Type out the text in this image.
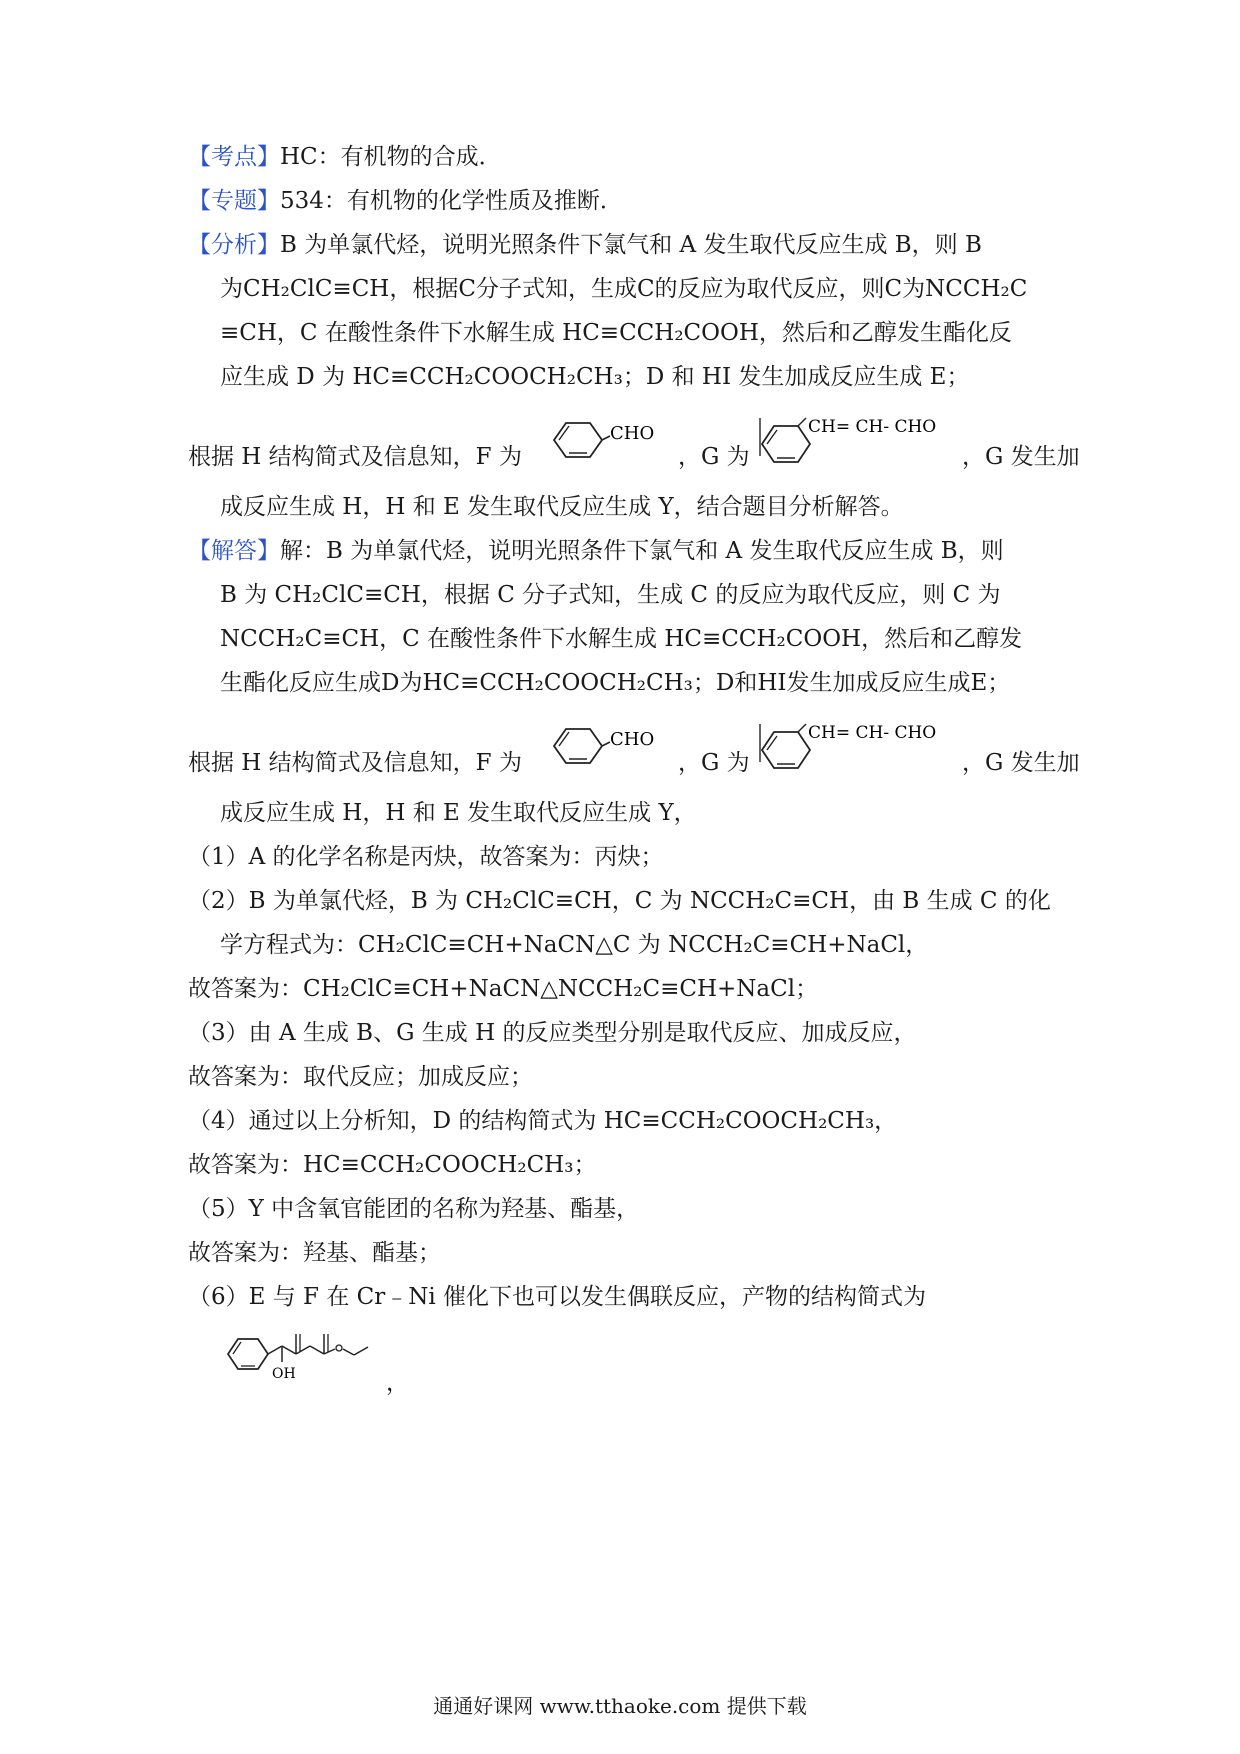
【考点】HC：有机物的合成．
【专题】534：有机物的化学性质及推断．
【分析】B 为单氯代烃，说明光照条件下氯气和 A 发生取代反应生成 B，则 B
为CH₂ClC≡CH，根据C分子式知，生成C的反应为取代反应，则C为NCCH₂C
≡CH，C 在酸性条件下水解生成 HC≡CCH₂COOH，然后和乙醇发生酯化反
应生成 D 为 HC≡CCH₂COOCH₂CH₃；D 和 HI 发生加成反应生成 E；
根据 H 结构简式及信息知，F 为
CHO
，G 为
CH= CH- CHO
，G 发生加
成反应生成 H，H 和 E 发生取代反应生成 Y，结合题目分析解答。
【解答】解：B 为单氯代烃，说明光照条件下氯气和 A 发生取代反应生成 B，则
B 为 CH₂ClC≡CH，根据 C 分子式知，生成 C 的反应为取代反应，则 C 为
NCCH₂C≡CH，C 在酸性条件下水解生成 HC≡CCH₂COOH，然后和乙醇发
生酯化反应生成D为HC≡CCH₂COOCH₂CH₃；D和HI发生加成反应生成E；
根据 H 结构简式及信息知，F 为
CHO
，G 为
CH= CH- CHO
，G 发生加
成反应生成 H，H 和 E 发生取代反应生成 Y，
（1）A 的化学名称是丙炔，故答案为：丙炔；
（2）B 为单氯代烃，B 为 CH₂ClC≡CH，C 为 NCCH₂C≡CH，由 B 生成 C 的化
学方程式为：CH₂ClC≡CH+NaCN△C 为 NCCH₂C≡CH+NaCl，
故答案为：CH₂ClC≡CH+NaCN△NCCH₂C≡CH+NaCl；
（3）由 A 生成 B、G 生成 H 的反应类型分别是取代反应、加成反应，
故答案为：取代反应；加成反应；
（4）通过以上分析知，D 的结构简式为 HC≡CCH₂COOCH₂CH₃，
故答案为：HC≡CCH₂COOCH₂CH₃；
（5）Y 中含氧官能团的名称为羟基、酯基，
故答案为：羟基、酯基；
（6）E 与 F 在 Cr﹣Ni 催化下也可以发生偶联反应，产物的结构简式为
OH	，
通通好课网 www.tthaoke.com 提供下载
